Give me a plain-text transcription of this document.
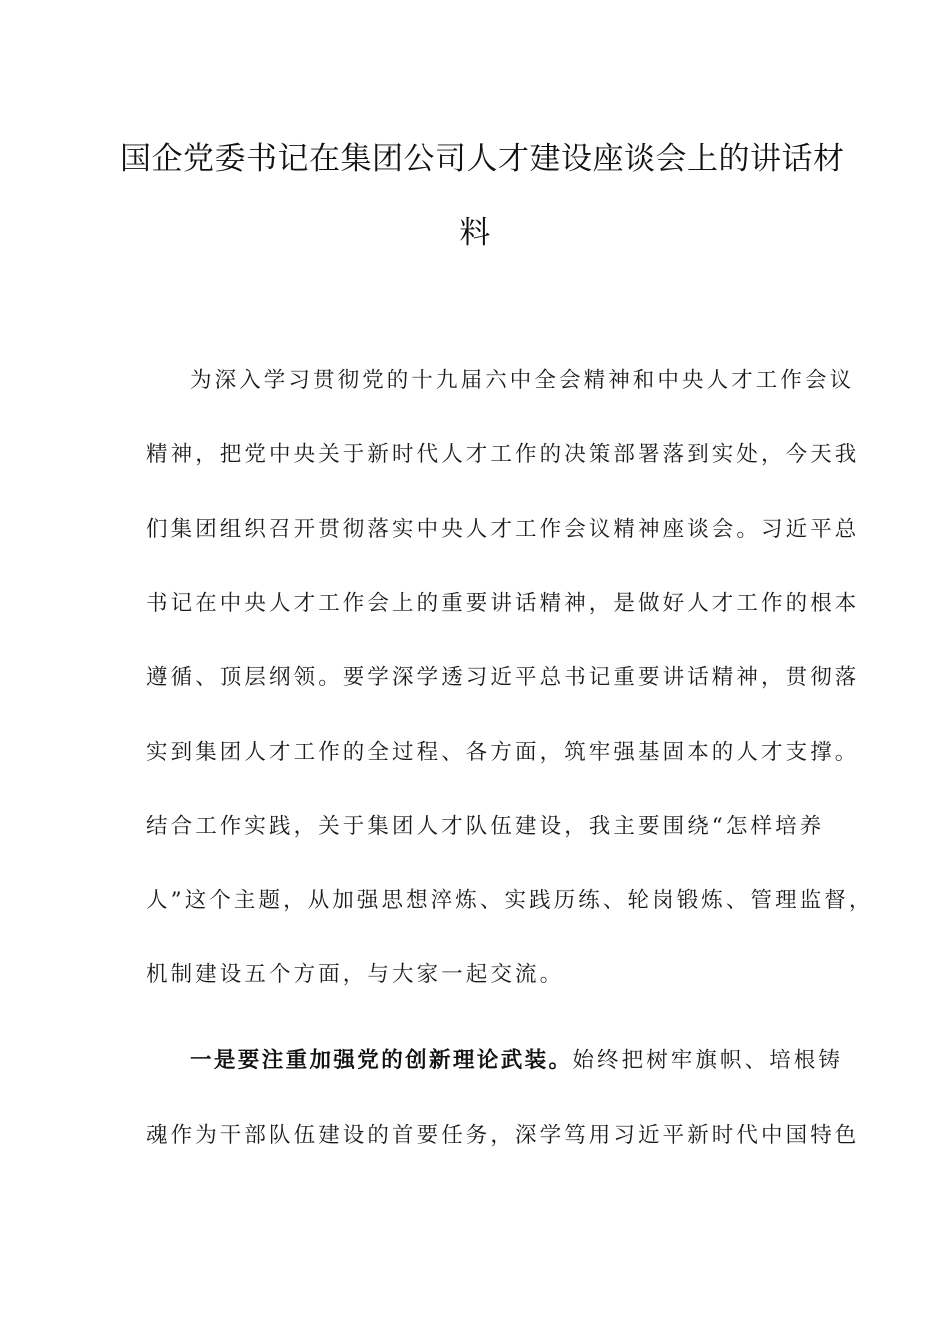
国企党委书记在集团公司人才建设座谈会上的讲话材
料
为深入学习贯彻党的十九届六中全会精神和中央人才工作会议
精神，把党中央关于新时代人才工作的决策部署落到实处，今天我
们集团组织召开贯彻落实中央人才工作会议精神座谈会。习近平总
书记在中央人才工作会上的重要讲话精神，是做好人才工作的根本
遵循、顶层纲领。要学深学透习近平总书记重要讲话精神，贯彻落
实到集团人才工作的全过程、各方面，筑牢强基固本的人才支撑。
结合工作实践，关于集团人才队伍建设，我主要围绕“怎样培养
人”这个主题，从加强思想淬炼、实践历练、轮岗锻炼、管理监督，
机制建设五个方面，与大家一起交流。
一是要注重加强党的创新理论武装。始终把树牢旗帜、培根铸
魂作为干部队伍建设的首要任务，深学笃用习近平新时代中国特色
